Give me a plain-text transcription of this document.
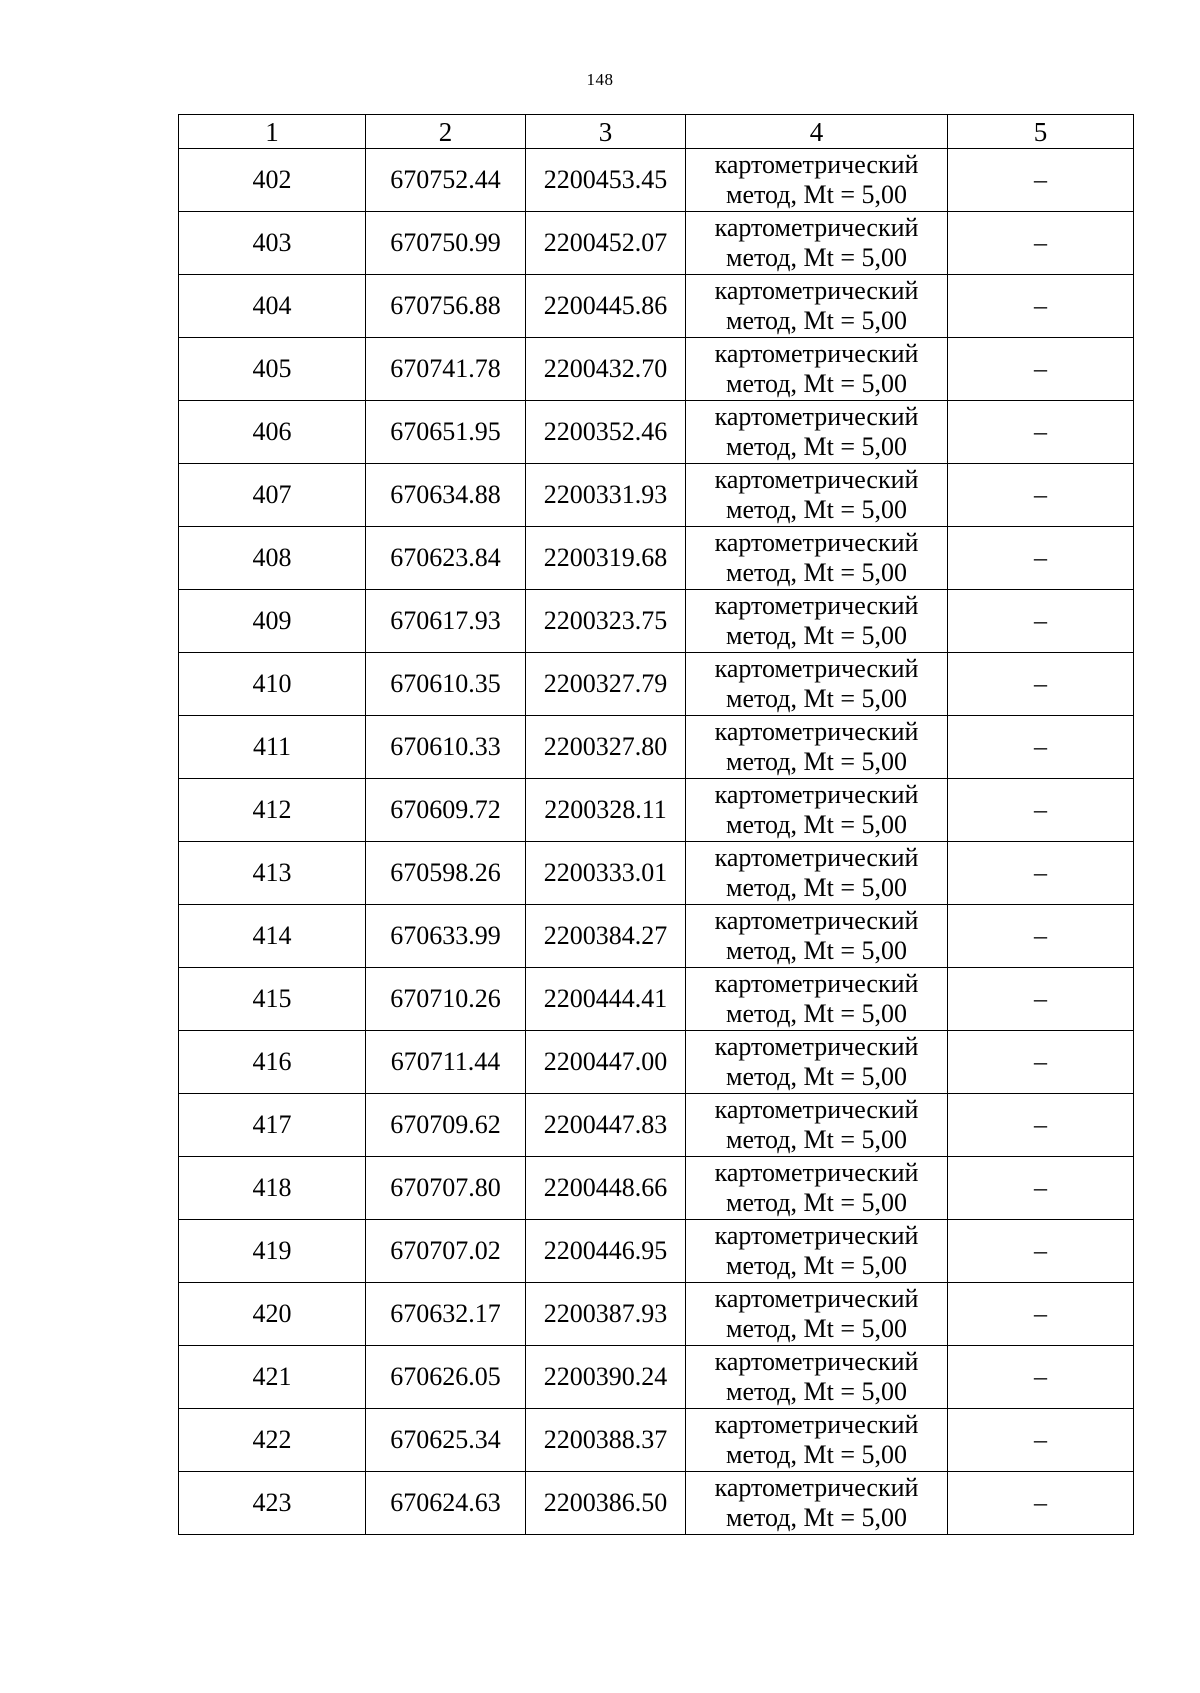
148
1	2	3	4	5
402	670752.44	2200453.45	картометрический
метод, Mt = 5,00	–
403	670750.99	2200452.07	картометрический
метод, Mt = 5,00	–
404	670756.88	2200445.86	картометрический
метод, Mt = 5,00	–
405	670741.78	2200432.70	картометрический
метод, Mt = 5,00	–
406	670651.95	2200352.46	картометрический
метод, Mt = 5,00	–
407	670634.88	2200331.93	картометрический
метод, Mt = 5,00	–
408	670623.84	2200319.68	картометрический
метод, Mt = 5,00	–
409	670617.93	2200323.75	картометрический
метод, Mt = 5,00	–
410	670610.35	2200327.79	картометрический
метод, Mt = 5,00	–
411	670610.33	2200327.80	картометрический
метод, Mt = 5,00	–
412	670609.72	2200328.11	картометрический
метод, Mt = 5,00	–
413	670598.26	2200333.01	картометрический
метод, Mt = 5,00	–
414	670633.99	2200384.27	картометрический
метод, Mt = 5,00	–
415	670710.26	2200444.41	картометрический
метод, Mt = 5,00	–
416	670711.44	2200447.00	картометрический
метод, Mt = 5,00	–
417	670709.62	2200447.83	картометрический
метод, Mt = 5,00	–
418	670707.80	2200448.66	картометрический
метод, Mt = 5,00	–
419	670707.02	2200446.95	картометрический
метод, Mt = 5,00	–
420	670632.17	2200387.93	картометрический
метод, Mt = 5,00	–
421	670626.05	2200390.24	картометрический
метод, Mt = 5,00	–
422	670625.34	2200388.37	картометрический
метод, Mt = 5,00	–
423	670624.63	2200386.50	картометрический
метод, Mt = 5,00	–
